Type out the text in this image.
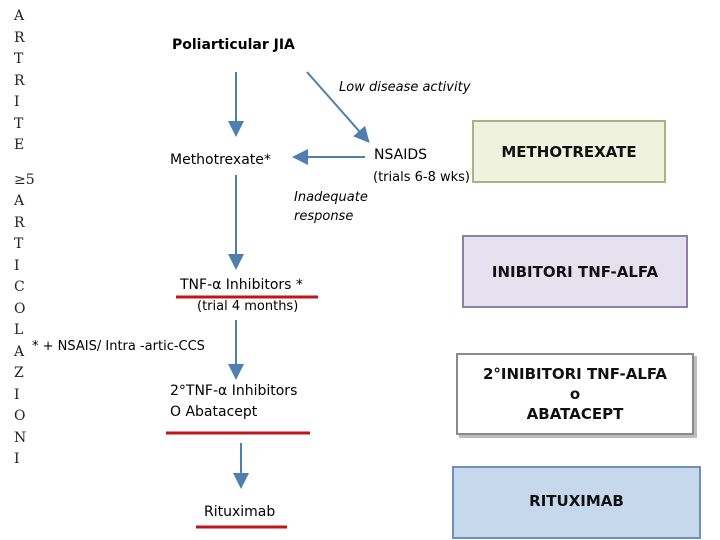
A
R
T
R
I
T
E
≥5
A
R
T
I
C
O
L
A
Z
I
O
N
I
Poliarticular JIA
Low disease activity
NSAIDS
(trials 6-8 wks)
Methotrexate*
Inadequate
response
TNF-α Inhibitors *
(trial 4 months)
* + NSAIS/ Intra -artic-CCS
2°TNF-α Inhibitors
O Abatacept
Rituximab
METHOTREXATE
INIBITORI TNF-ALFA
2°INIBITORI TNF-ALFA
o
ABATACEPT
RITUXIMAB
